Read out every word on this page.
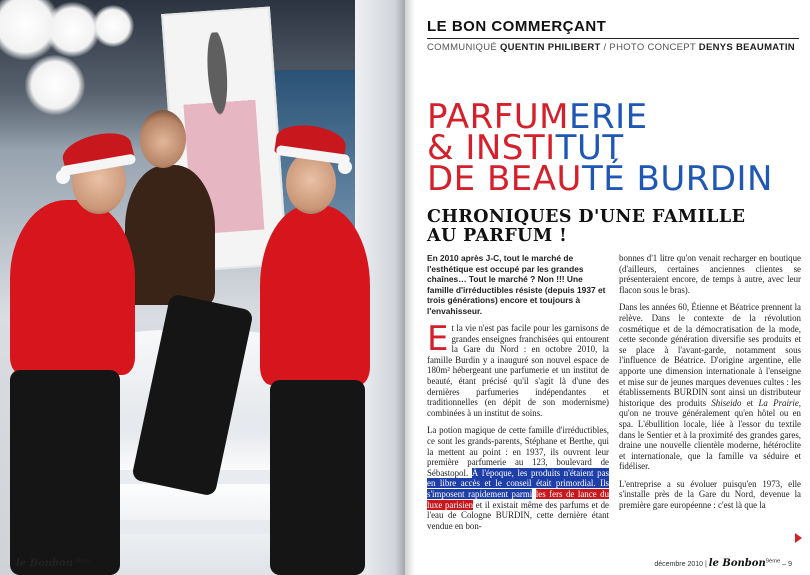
le Bonbon $^{9ème}$
LE BON COMMERÇANT
COMMUNIQUÉ QUENTIN PHILIBERT / PHOTO CONCEPT DENYS BEAUMATIN
PARFUMERIE
& INSTITUT
DE BEAUTÉ BURDIN
CHRONIQUES D'UNE FAMILLE
AU PARFUM !

En 2010 après J-C, tout le marché de l'esthétique est occupé par les grandes chaînes… Tout le marché ? Non !!! Une famille d'irréductibles résiste (depuis 1937 et trois générations) encore et toujours à l'envahisseur.

Et la vie n'est pas facile pour les garnisons de grandes enseignes franchisées qui entourent la Gare du Nord : en octobre 2010, la famille Burdin y a inauguré son nouvel espace de 180m² hébergeant une parfumerie et un institut de beauté, étant précisé qu'il s'agit là d'une des dernières parfumeries indépendantes et traditionnelles (en dépit de son modernisme) combinées à un institut de soins.

La potion magique de cette famille d'irréductibles, ce sont les grands-parents, Stéphane et Berthe, qui la mettent au point : en 1937, ils ouvrent leur première parfumerie au 123, boulevard de Sébastopol. À l'époque, les produits n'étaient pas en libre accès et le conseil était primordial. Ils s'imposent rapidement parmi les fers de lance du luxe parisien et il existait même des parfums et de l'eau de Cologne BURDIN, cette dernière étant vendue en bon-

bonnes d'1 litre qu'on venait recharger en boutique (d'ailleurs, certaines anciennes clientes se présenteraient encore, de temps à autre, avec leur flacon sous le bras).

Dans les années 60, Étienne et Béatrice prennent la relève. Dans le contexte de la révolution cosmétique et de la démocratisation de la mode, cette seconde génération diversifie ses produits et se place à l'avant-garde, notamment sous l'influence de Béatrice. D'origine argentine, elle apporte une dimension internationale à l'enseigne et mise sur de jeunes marques devenues cultes : les établissements BURDIN sont ainsi un distributeur historique des produits Shiseido et La Prairie, qu'on ne trouve généralement qu'en hôtel ou en spa. L'ébullition locale, liée à l'essor du textile dans le Sentier et à la proximité des grandes gares, draine une nouvelle clientèle moderne, hétéroclite et internationale, que la famille va séduire et fidéliser.

L'entreprise a su évoluer puisqu'en 1973, elle s'installe près de la Gare du Nord, devenue la première gare européenne : c'est là que la

décembre 2010 | le Bonbon$^{9ème}$ – 9
